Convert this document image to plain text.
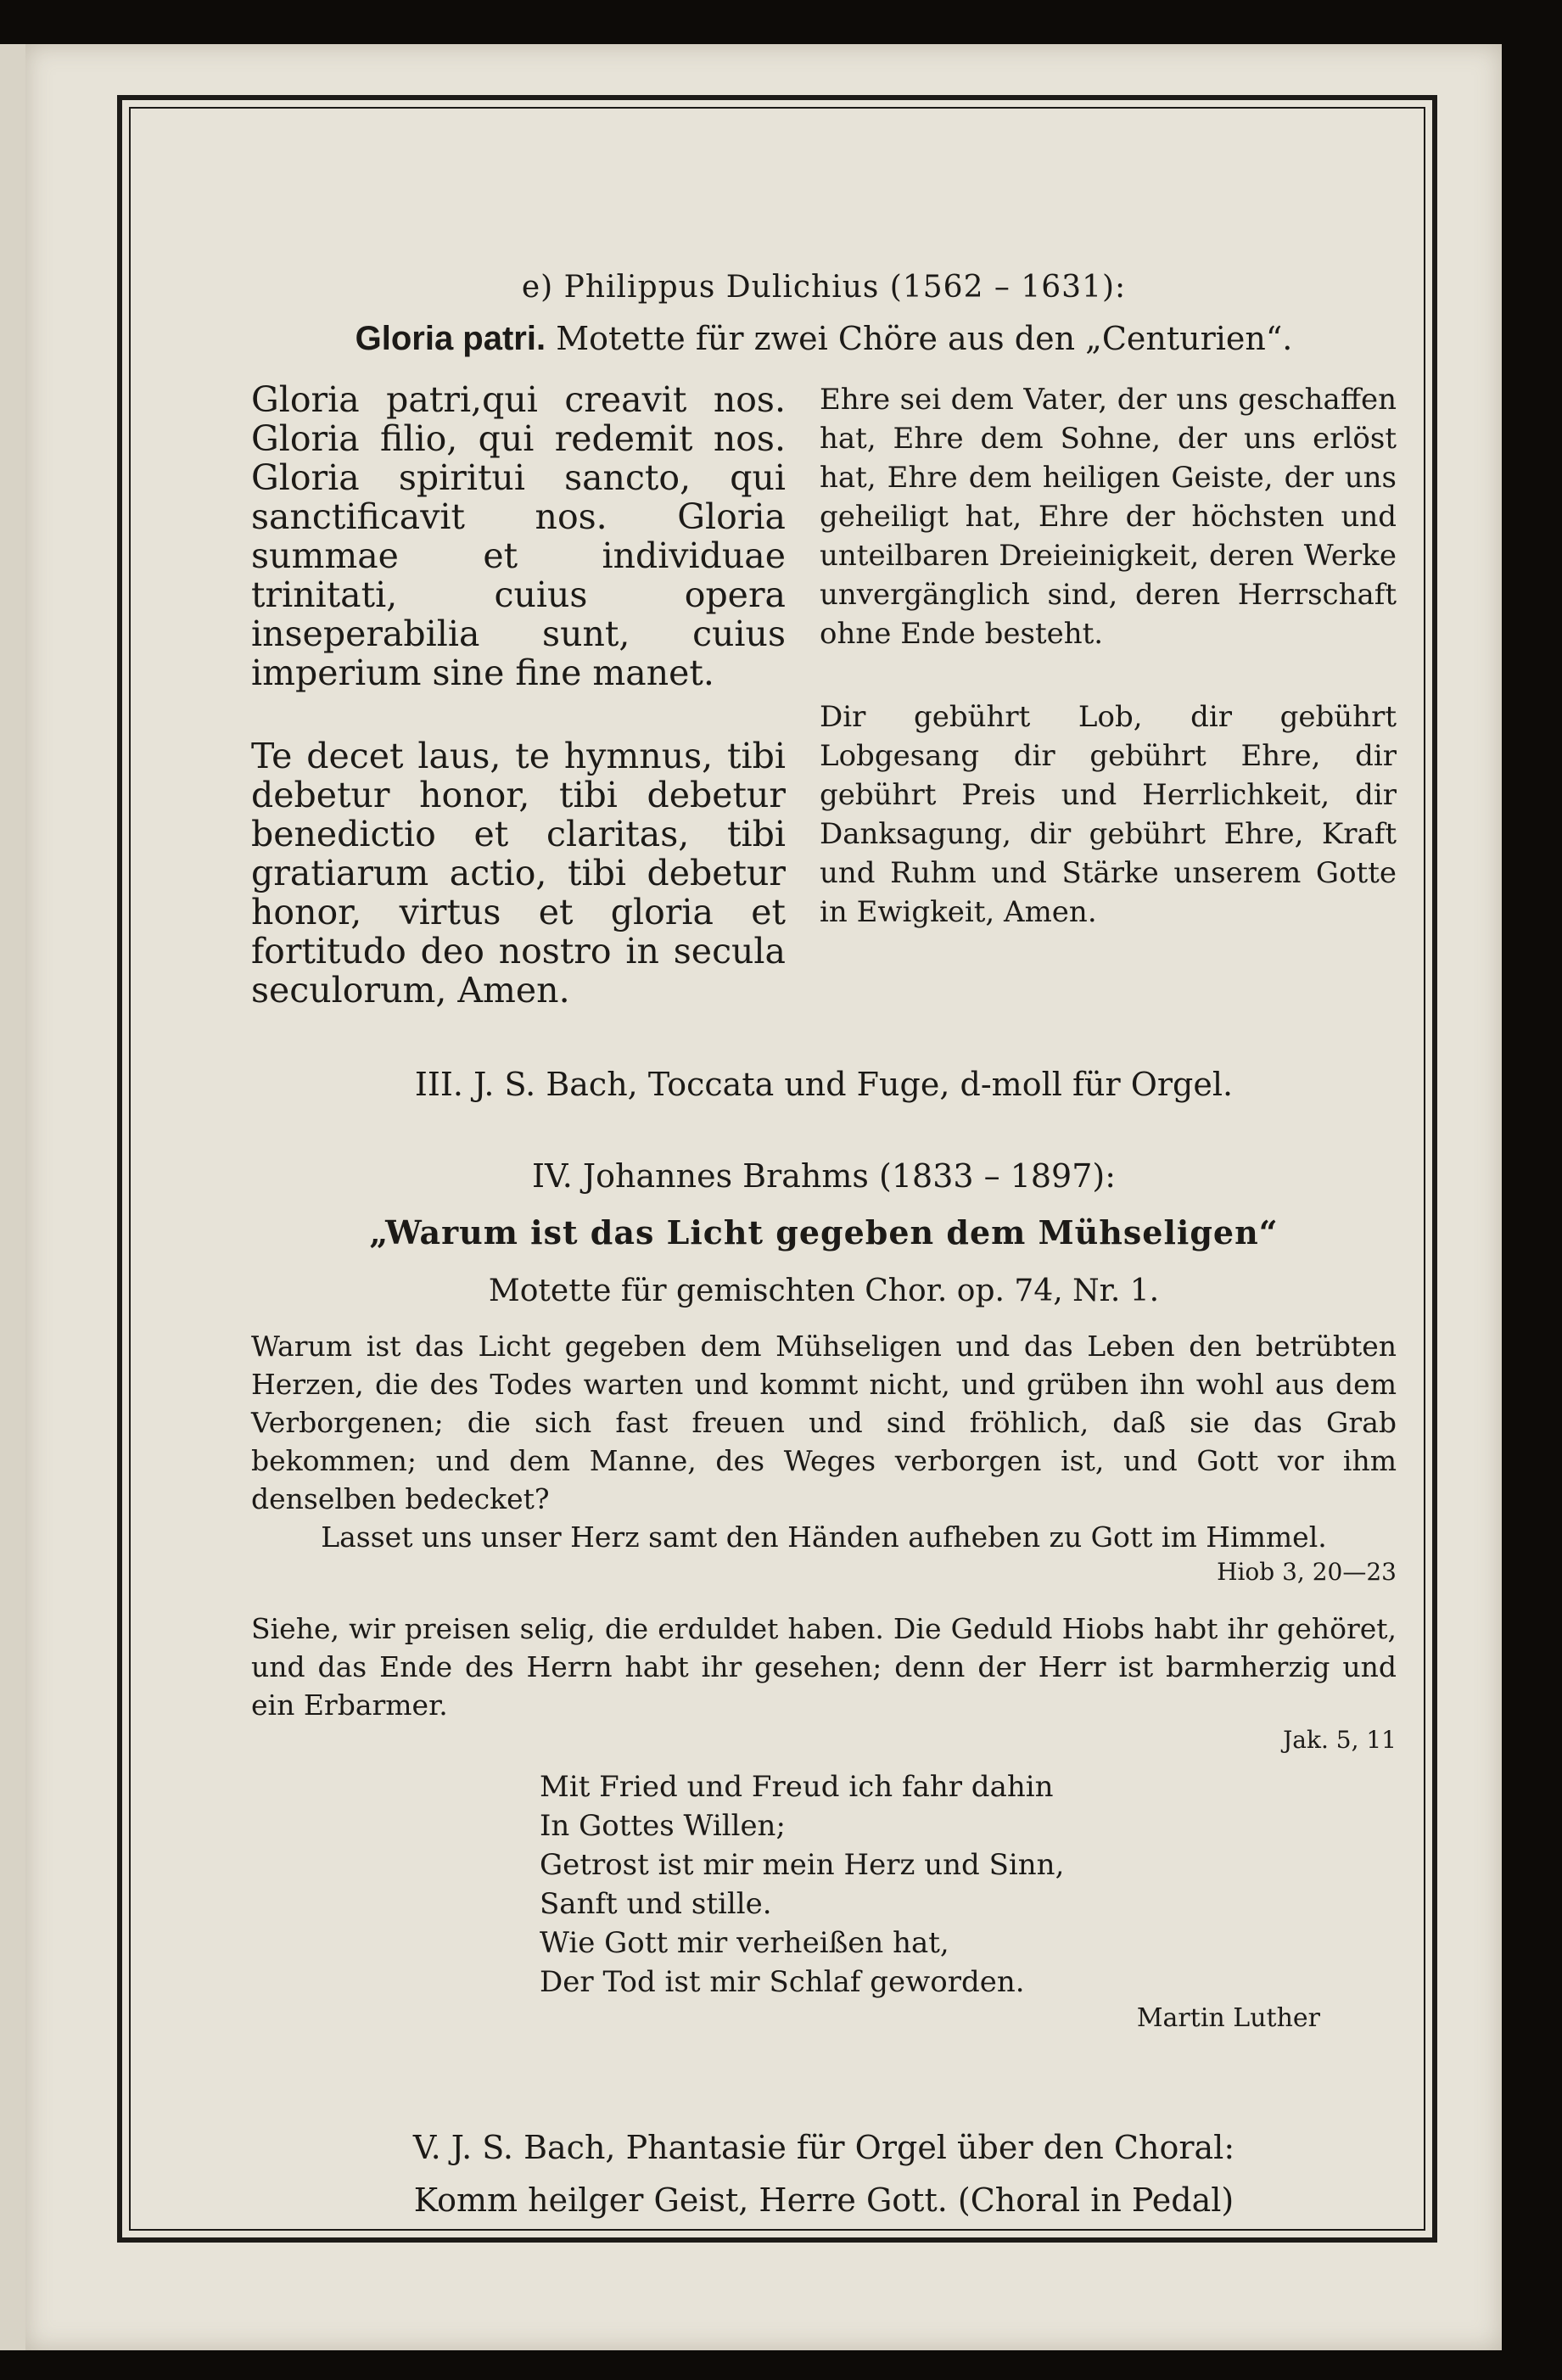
e) Philippus Dulichius (1562 – 1631):
Gloria patri. Motette für zwei Chöre aus den „Centurien“.
Gloria patri,qui creavit nos. Gloria filio, qui redemit nos. Gloria spiritui sancto, qui sanctificavit nos. Gloria summae et individuae trinitati, cuius opera inseperabilia sunt, cuius imperium sine fine manet.
Te decet laus, te hymnus, tibi debetur honor, tibi debetur benedictio et claritas, tibi gratiarum actio, tibi debetur honor, virtus et gloria et fortitudo deo nostro in secula seculorum, Amen.
Ehre sei dem Vater, der uns geschaffen hat, Ehre dem Sohne, der uns erlöst hat, Ehre dem heiligen Geiste, der uns geheiligt hat, Ehre der höchsten und unteilbaren Dreieinigkeit, deren Werke unvergänglich sind, deren Herrschaft ohne Ende besteht.
Dir gebührt Lob, dir gebührt Lobgesang dir gebührt Ehre, dir gebührt Preis und Herrlichkeit, dir Danksagung, dir gebührt Ehre, Kraft und Ruhm und Stärke unserem Gotte in Ewigkeit, Amen.
III. J. S. Bach, Toccata und Fuge, d-moll für Orgel.
IV. Johannes Brahms (1833 – 1897):
„Warum ist das Licht gegeben dem Mühseligen“
Motette für gemischten Chor. op. 74, Nr. 1.
Warum ist das Licht gegeben dem Mühseligen und das Leben den betrübten Herzen, die des Todes warten und kommt nicht, und grüben ihn wohl aus dem Verborgenen; die sich fast freuen und sind fröhlich, daß sie das Grab bekommen; und dem Manne, des Weges verborgen ist, und Gott vor ihm denselben bedecket?
Lasset uns unser Herz samt den Händen aufheben zu Gott im Himmel.
Hiob 3, 20—23
Siehe, wir preisen selig, die erduldet haben. Die Geduld Hiobs habt ihr gehöret, und das Ende des Herrn habt ihr gesehen; denn der Herr ist barmherzig und ein Erbarmer.
Jak. 5, 11
Mit Fried und Freud ich fahr dahin
In Gottes Willen;
Getrost ist mir mein Herz und Sinn,
Sanft und stille.
Wie Gott mir verheißen hat,
Der Tod ist mir Schlaf geworden.
Martin Luther
V. J. S. Bach, Phantasie für Orgel über den Choral:
Komm heilger Geist, Herre Gott. (Choral in Pedal)
